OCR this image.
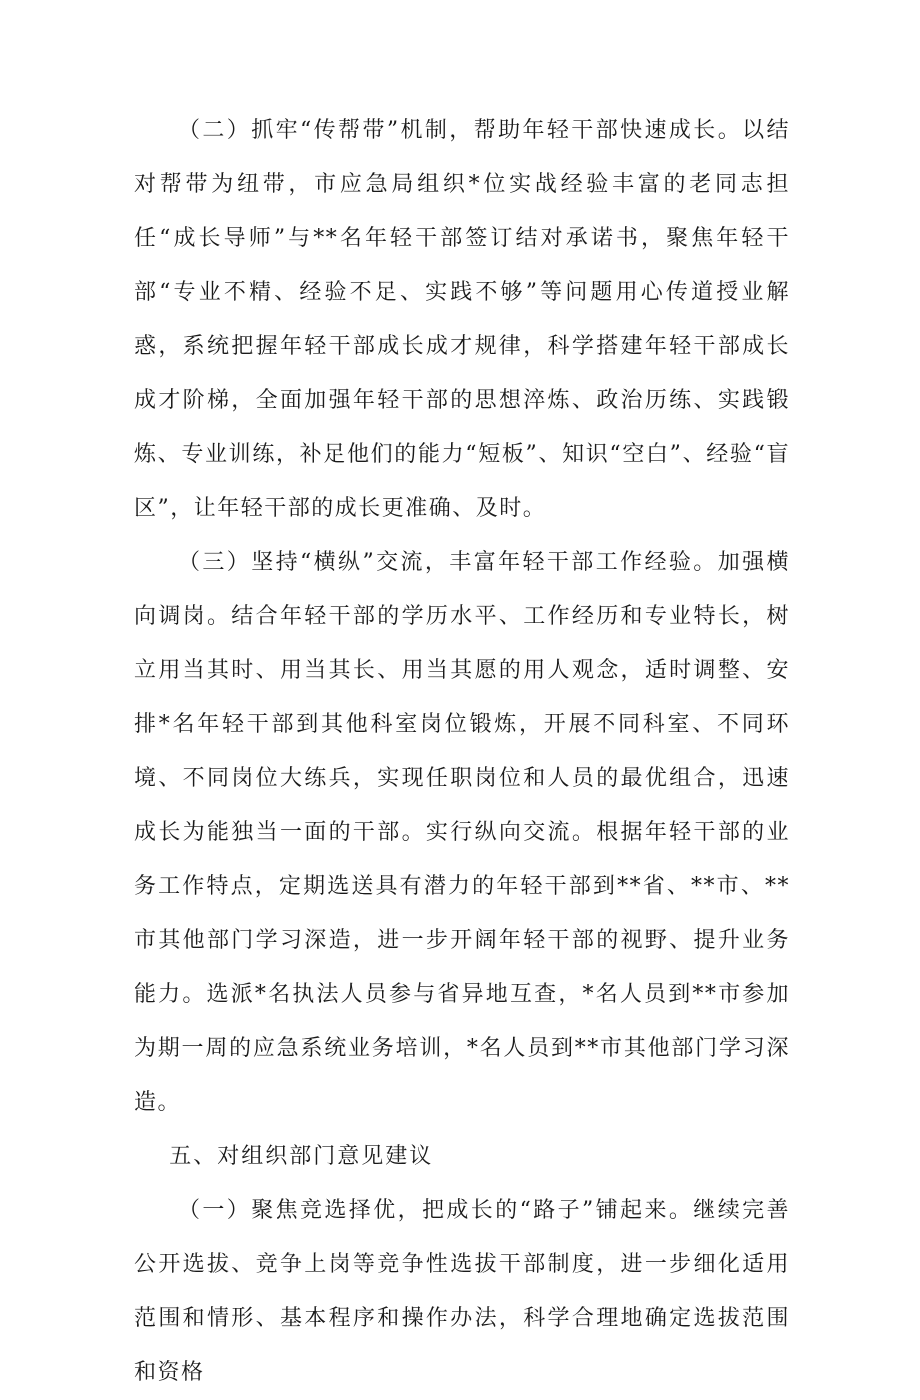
（二）抓牢“传帮带”机制，帮助年轻干部快速成长。以结对帮带为纽带，市应急局组织*位实战经验丰富的老同志担任“成长导师”与**名年轻干部签订结对承诺书，聚焦年轻干部“专业不精、经验不足、实践不够”等问题用心传道授业解惑，系统把握年轻干部成长成才规律，科学搭建年轻干部成长成才阶梯，全面加强年轻干部的思想淬炼、政治历练、实践锻炼、专业训练，补足他们的能力“短板”、知识“空白”、经验“盲区”，让年轻干部的成长更准确、及时。

（三）坚持“横纵”交流，丰富年轻干部工作经验。加强横向调岗。结合年轻干部的学历水平、工作经历和专业特长，树立用当其时、用当其长、用当其愿的用人观念，适时调整、安排*名年轻干部到其他科室岗位锻炼，开展不同科室、不同环境、不同岗位大练兵，实现任职岗位和人员的最优组合，迅速成长为能独当一面的干部。实行纵向交流。根据年轻干部的业务工作特点，定期选送具有潜力的年轻干部到**省、**市、**市其他部门学习深造，进一步开阔年轻干部的视野、提升业务能力。选派*名执法人员参与省异地互查，*名人员到**市参加为期一周的应急系统业务培训，*名人员到**市其他部门学习深造。

五、对组织部门意见建议

（一）聚焦竞选择优，把成长的“路子”铺起来。继续完善公开选拔、竞争上岗等竞争性选拔干部制度，进一步细化适用范围和情形、基本程序和操作办法，科学合理地确定选拔范围和资格
